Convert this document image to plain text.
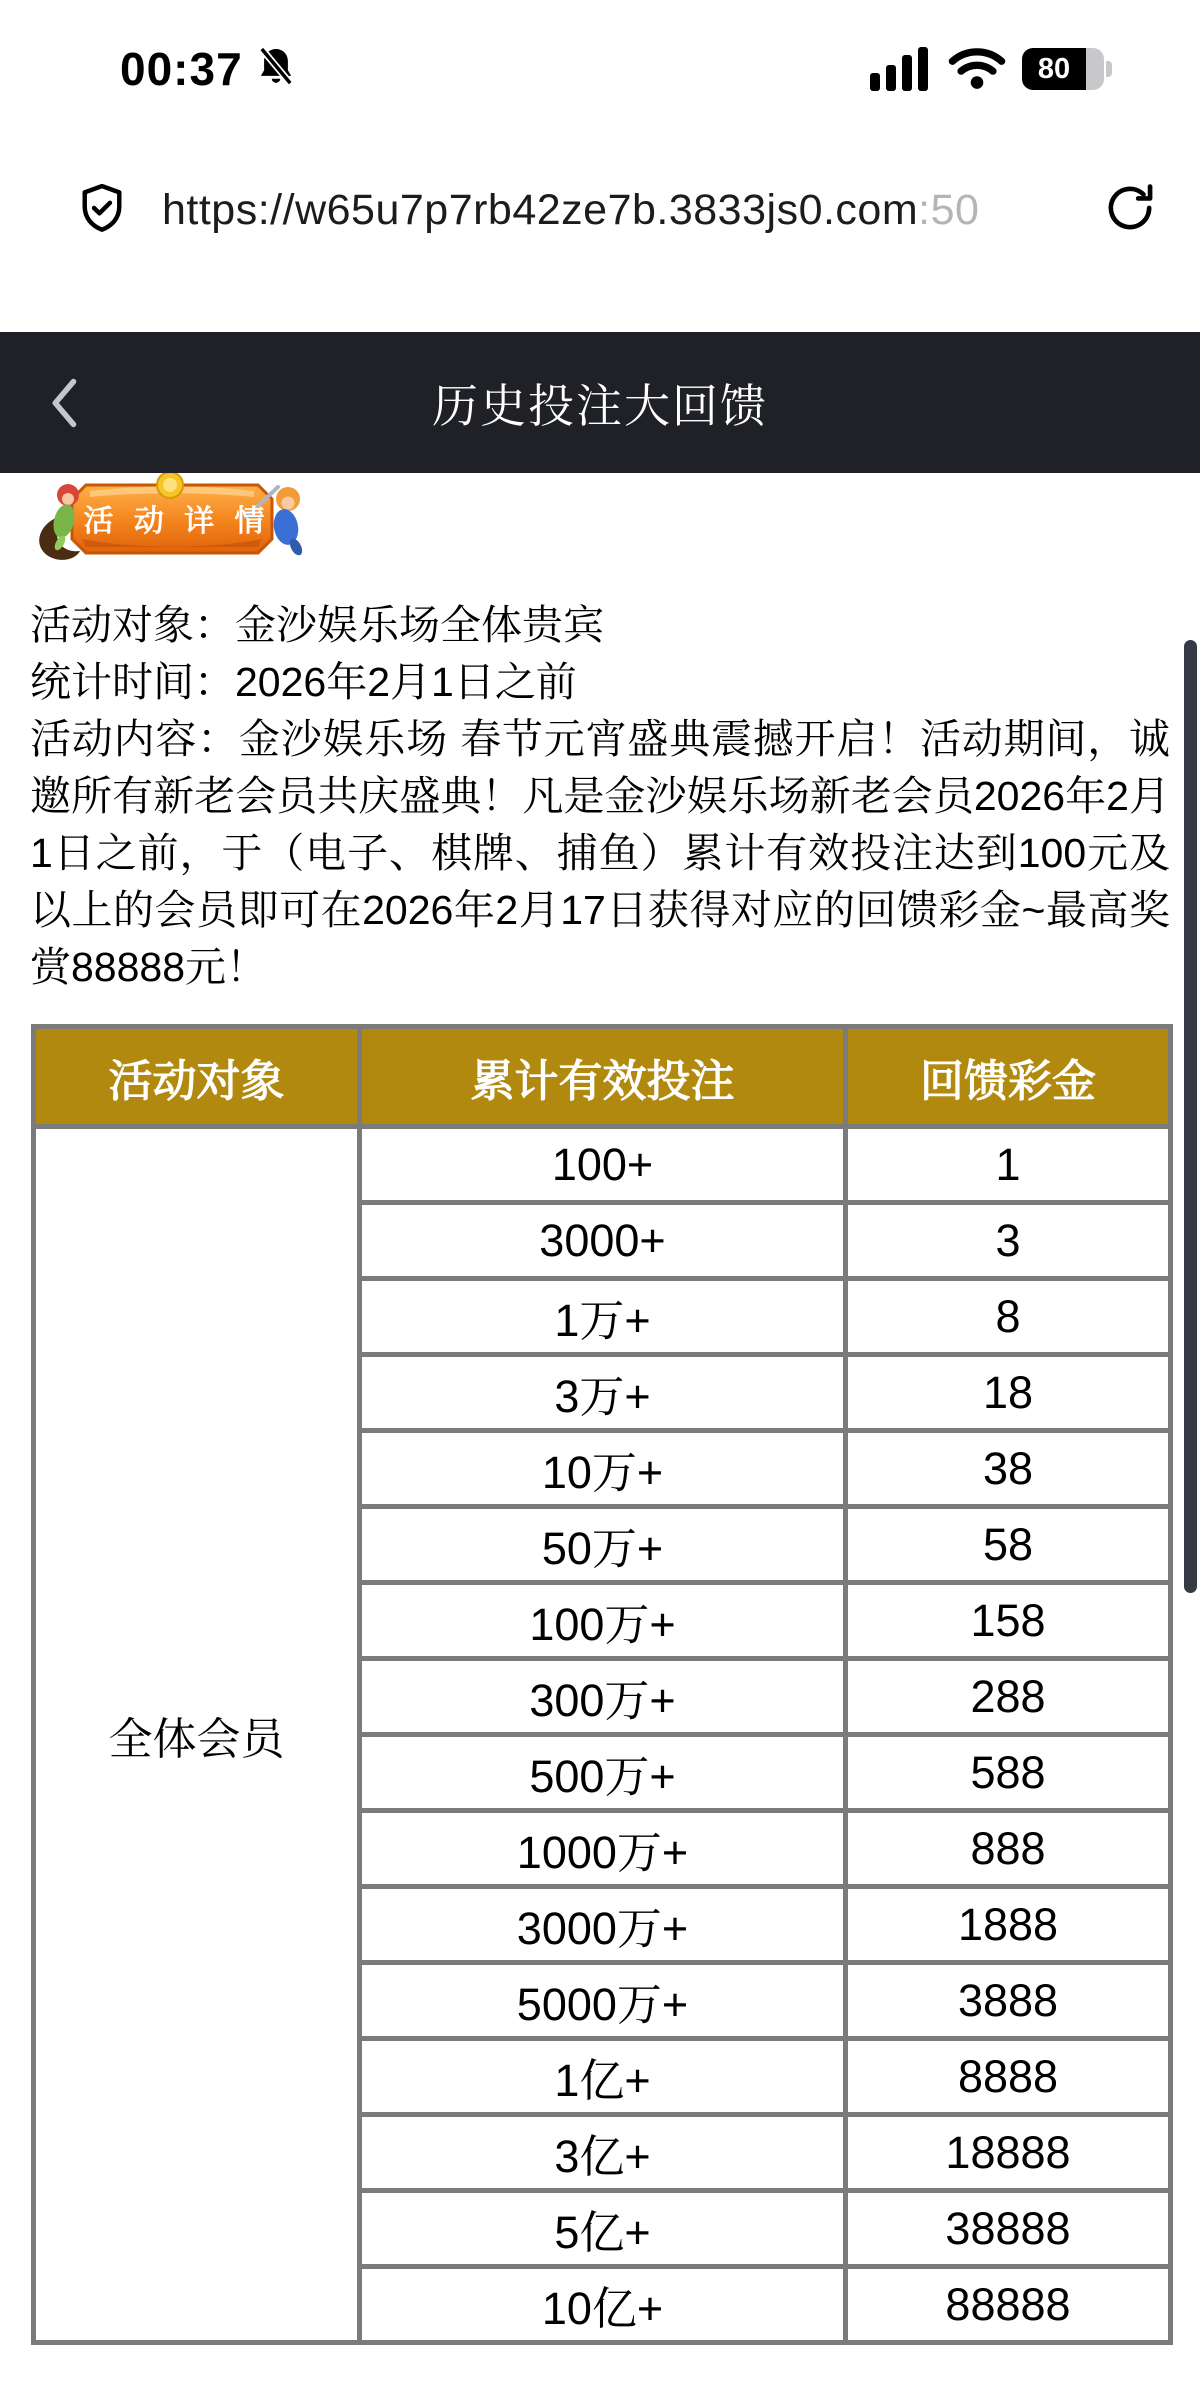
00:37	80
https://w65u7p7rb42ze7b.3833js0.com:50
历史投注大回馈
活 动 详 情
活动对象：金沙娱乐场全体贵宾
统计时间：2026年2月1日之前
活动内容：金沙娱乐场 春节元宵盛典震撼开启！活动期间，诚邀所有新老会员共庆盛典！凡是金沙娱乐场新老会员2026年2月1日之前，于（电子、棋牌、捕鱼）累计有效投注达到100元及以上的会员即可在2026年2月17日获得对应的回馈彩金~最高奖赏88888元！
活动对象	累计有效投注	回馈彩金
全体会员	100+	1
	3000+	3
	1万+	8
	3万+	18
	10万+	38
	50万+	58
	100万+	158
	300万+	288
	500万+	588
	1000万+	888
	3000万+	1888
	5000万+	3888
	1亿+	8888
	3亿+	18888
	5亿+	38888
	10亿+	88888
